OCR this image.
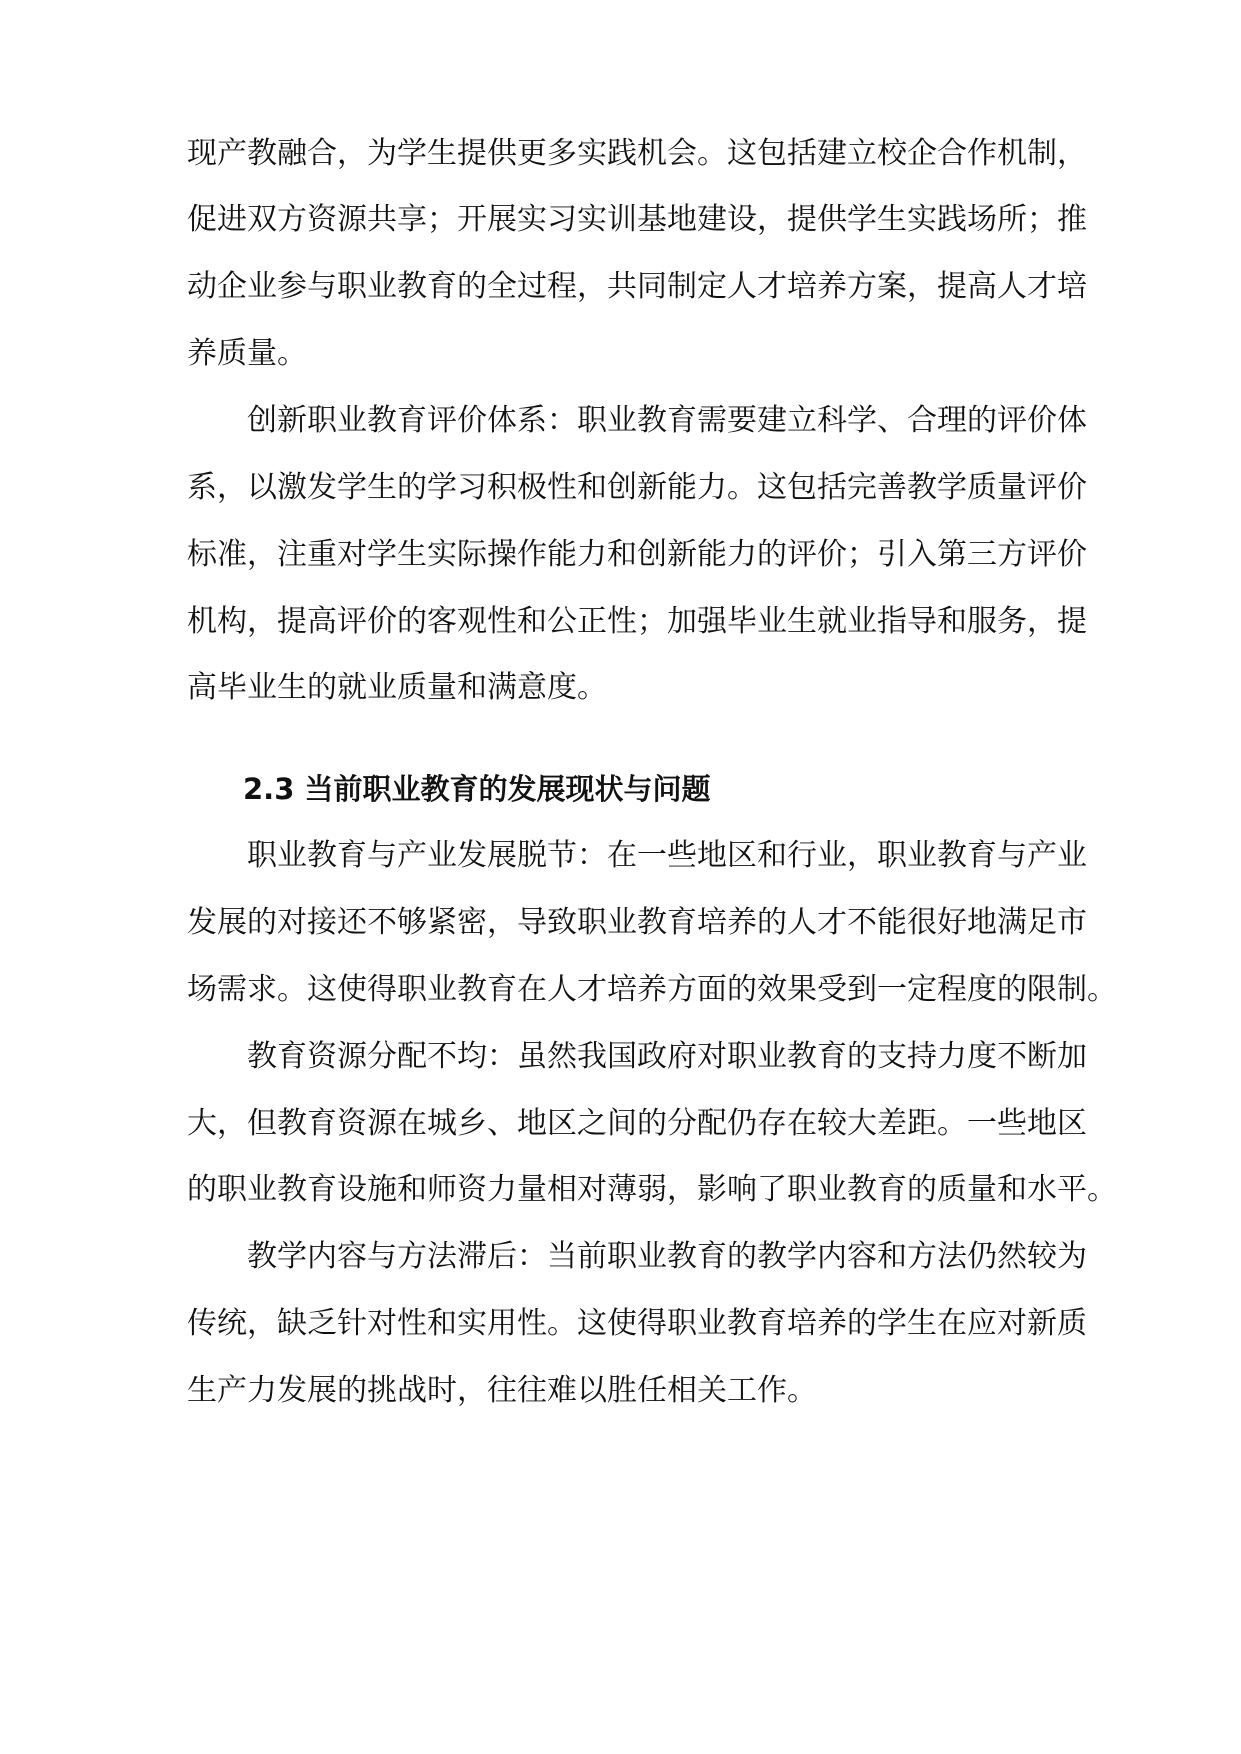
现产教融合，为学生提供更多实践机会。这包括建立校企合作机制，
促进双方资源共享；开展实习实训基地建设，提供学生实践场所；推
动企业参与职业教育的全过程，共同制定人才培养方案，提高人才培
养质量。
创新职业教育评价体系：职业教育需要建立科学、合理的评价体
系，以激发学生的学习积极性和创新能力。这包括完善教学质量评价
标准，注重对学生实际操作能力和创新能力的评价；引入第三方评价
机构，提高评价的客观性和公正性；加强毕业生就业指导和服务，提
高毕业生的就业质量和满意度。
2.3 当前职业教育的发展现状与问题
职业教育与产业发展脱节：在一些地区和行业，职业教育与产业
发展的对接还不够紧密，导致职业教育培养的人才不能很好地满足市
场需求。这使得职业教育在人才培养方面的效果受到一定程度的限制。
教育资源分配不均：虽然我国政府对职业教育的支持力度不断加
大，但教育资源在城乡、地区之间的分配仍存在较大差距。一些地区
的职业教育设施和师资力量相对薄弱，影响了职业教育的质量和水平。
教学内容与方法滞后：当前职业教育的教学内容和方法仍然较为
传统，缺乏针对性和实用性。这使得职业教育培养的学生在应对新质
生产力发展的挑战时，往往难以胜任相关工作。
